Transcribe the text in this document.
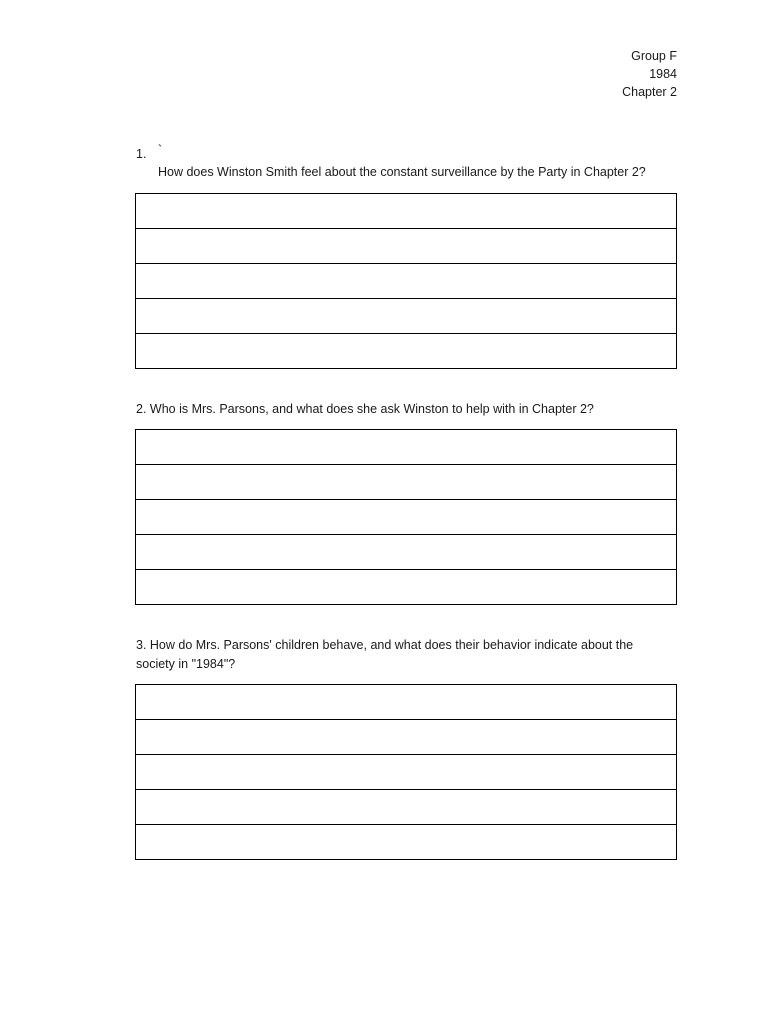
Group F
1984
Chapter 2
1. `
How does Winston Smith feel about the constant surveillance by the Party in Chapter 2?

2. Who is Mrs. Parsons, and what does she ask Winston to help with in Chapter 2?

3. How do Mrs. Parsons' children behave, and what does their behavior indicate about the society in "1984"?
